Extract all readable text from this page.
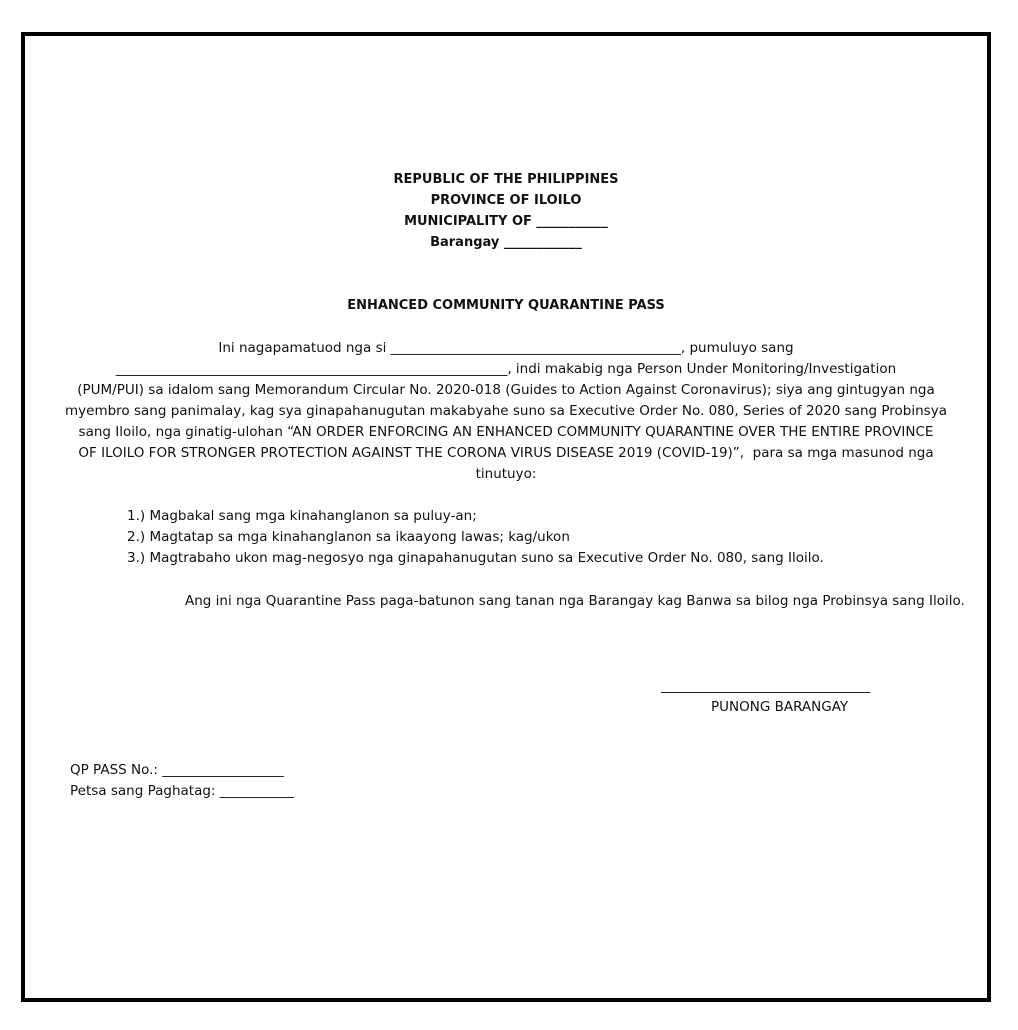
REPUBLIC OF THE PHILIPPINES
PROVINCE OF ILOILO
MUNICIPALITY OF ___________
Barangay ____________
ENHANCED COMMUNITY QUARANTINE PASS
Ini nagapamatuod nga si ___________________________________________, pumuluyo sang
__________________________________________________________, indi makabig nga Person Under Monitoring/Investigation
(PUM/PUI) sa idalom sang Memorandum Circular No. 2020-018 (Guides to Action Against Coronavirus); siya ang gintugyan nga
myembro sang panimalay, kag sya ginapahanugutan makabyahe suno sa Executive Order No. 080, Series of 2020 sang Probinsya
sang Iloilo, nga ginatig-ulohan “AN ORDER ENFORCING AN ENHANCED COMMUNITY QUARANTINE OVER THE ENTIRE PROVINCE
OF ILOILO FOR STRONGER PROTECTION AGAINST THE CORONA VIRUS DISEASE 2019 (COVID-19)”,  para sa mga masunod nga
tinutuyo:
1.) Magbakal sang mga kinahanglanon sa puluy-an;
2.) Magtatap sa mga kinahanglanon sa ikaayong lawas; kag/ukon
3.) Magtrabaho ukon mag-negosyo nga ginapahanugutan suno sa Executive Order No. 080, sang Iloilo.
Ang ini nga Quarantine Pass paga-batunon sang tanan nga Barangay kag Banwa sa bilog nga Probinsya sang Iloilo.
_______________________________
PUNONG BARANGAY
QP PASS No.: __________________
Petsa sang Paghatag: ___________
